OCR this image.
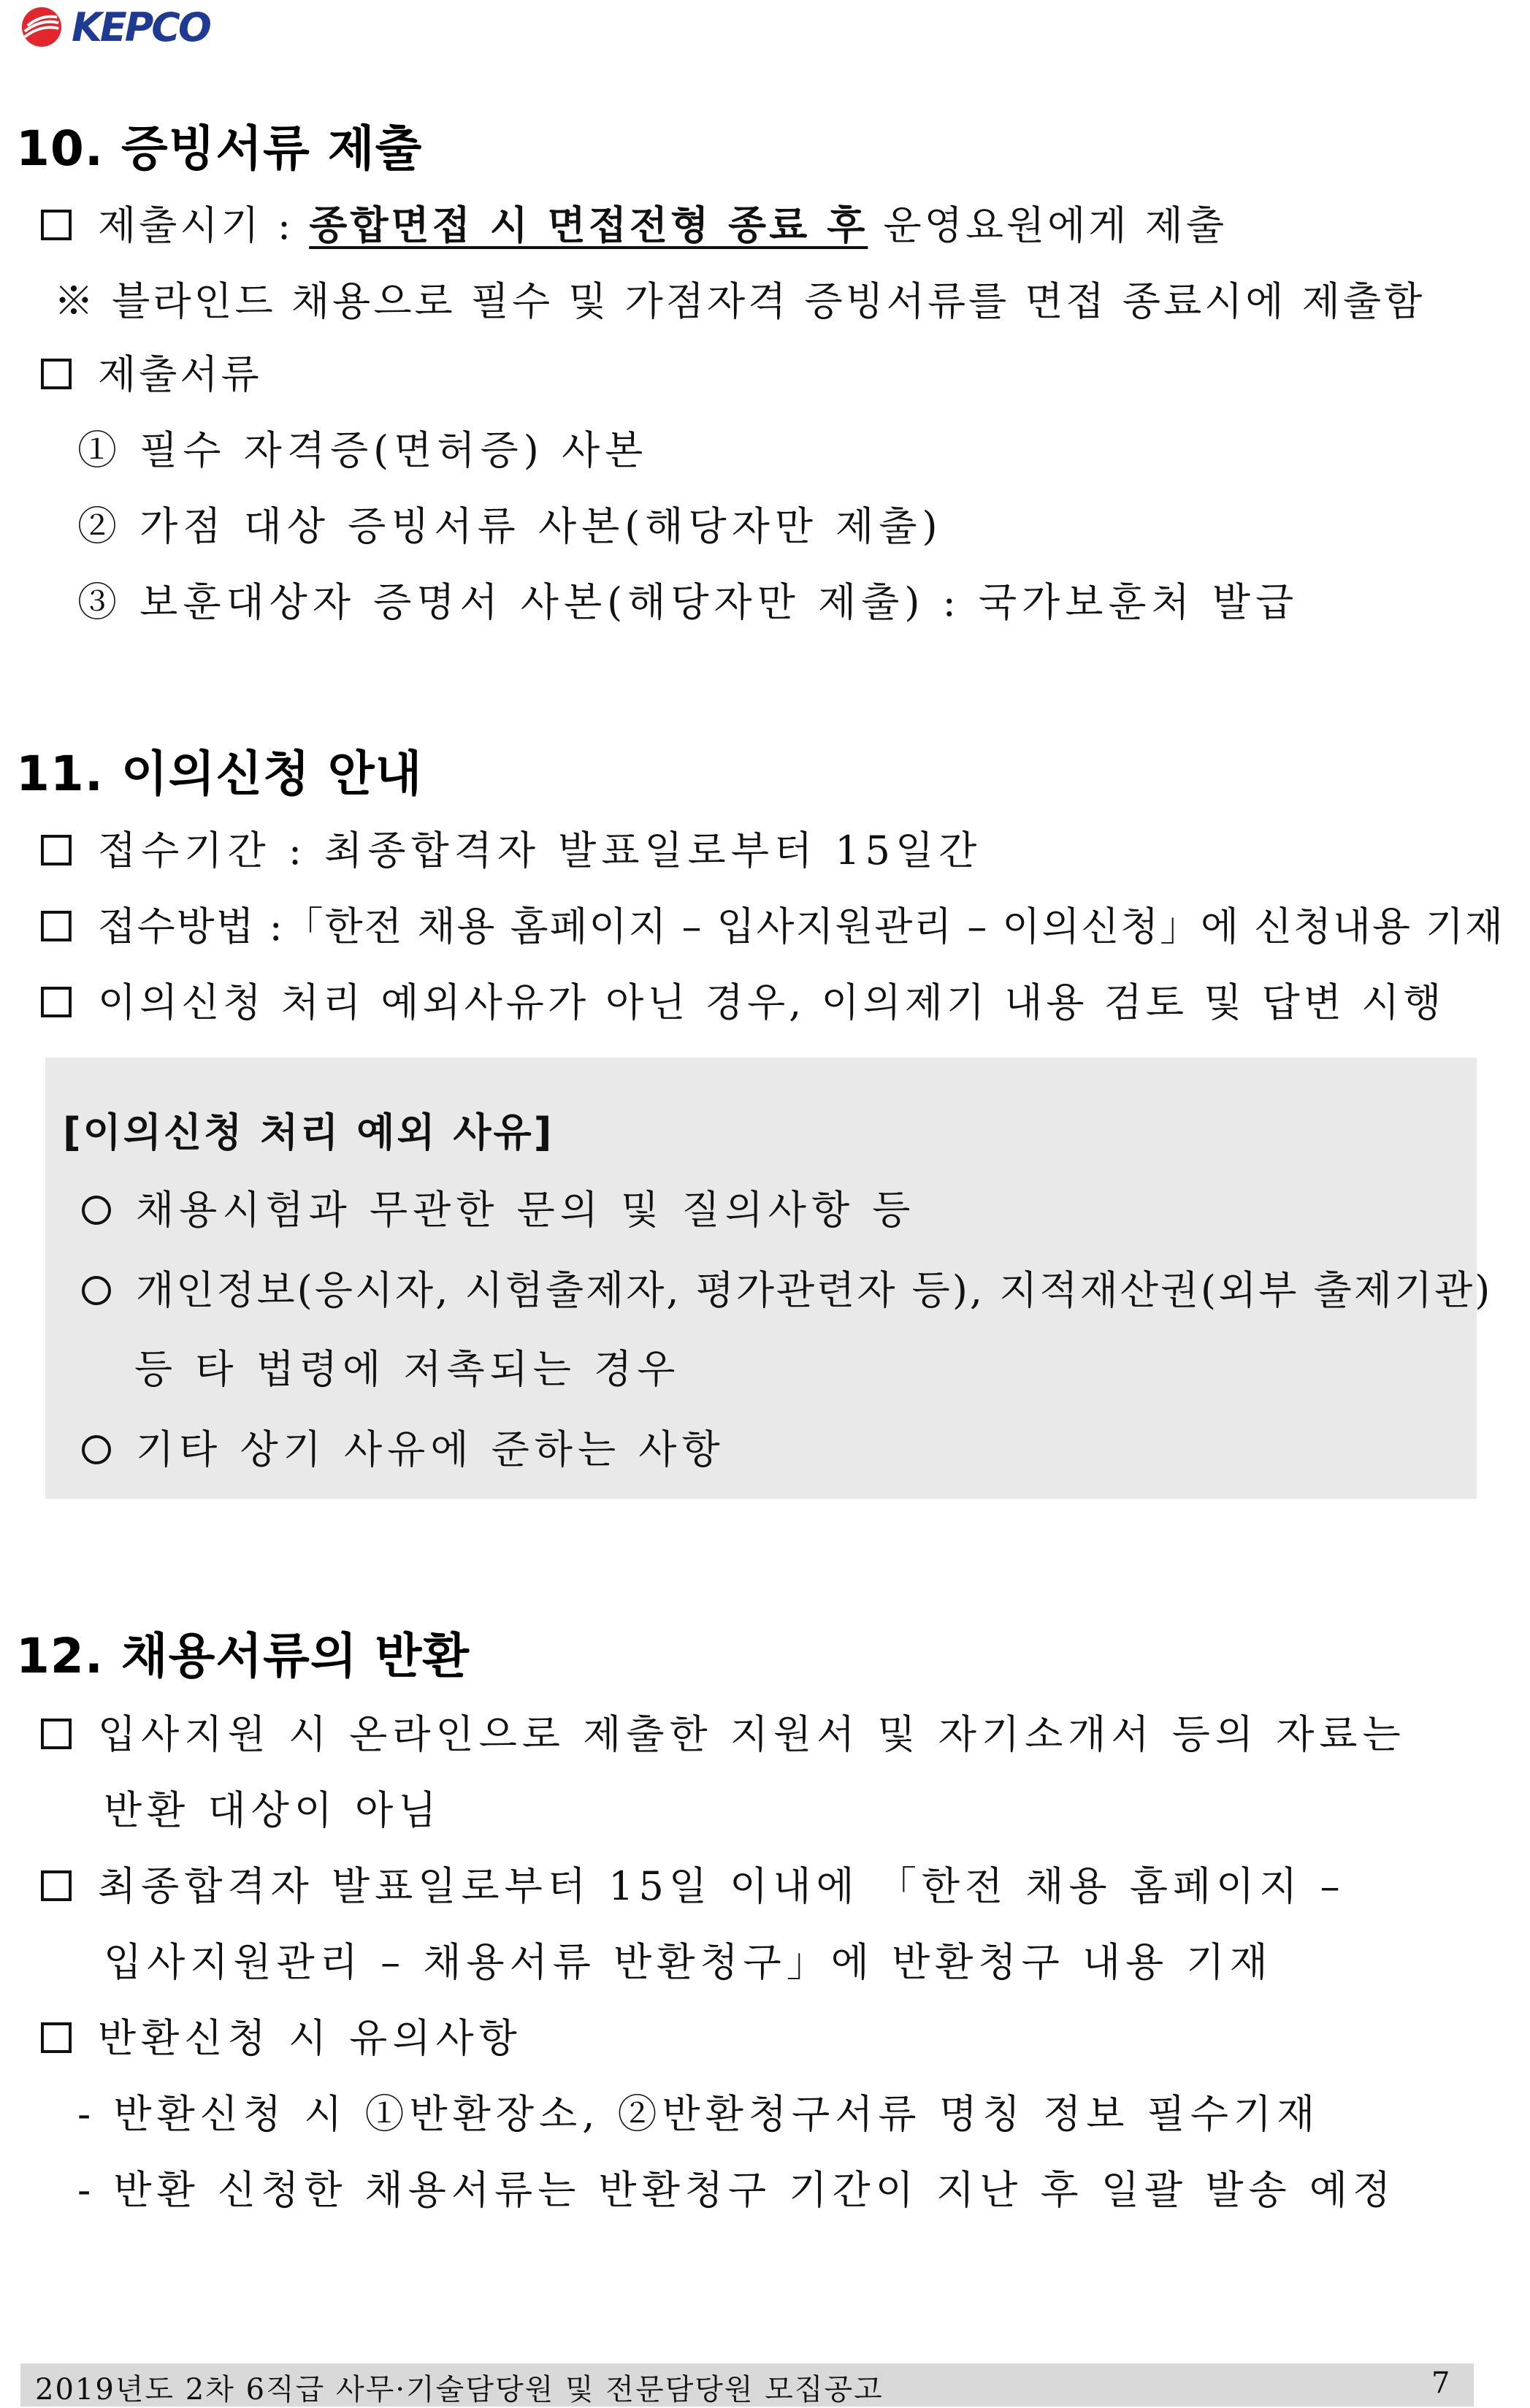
KEPCO
10. 증빙서류 제출
제출시기 : 종합면접 시 면접전형 종료 후 운영요원에게 제출
※ 블라인드 채용으로 필수 및 가점자격 증빙서류를 면접 종료시에 제출함
제출서류
① 필수 자격증(면허증) 사본
② 가점 대상 증빙서류 사본(해당자만 제출)
③ 보훈대상자 증명서 사본(해당자만 제출) : 국가보훈처 발급
11. 이의신청 안내
접수기간 : 최종합격자 발표일로부터 15일간
접수방법 :「한전 채용 홈페이지 – 입사지원관리 – 이의신청」에 신청내용 기재
이의신청 처리 예외사유가 아닌 경우, 이의제기 내용 검토 및 답변 시행
[이의신청 처리 예외 사유]
채용시험과 무관한 문의 및 질의사항 등
개인정보(응시자, 시험출제자, 평가관련자 등), 지적재산권(외부 출제기관)
등 타 법령에 저촉되는 경우
기타 상기 사유에 준하는 사항
12. 채용서류의 반환
입사지원 시 온라인으로 제출한 지원서 및 자기소개서 등의 자료는
반환 대상이 아님
최종합격자 발표일로부터 15일 이내에 「한전 채용 홈페이지 –
입사지원관리 – 채용서류 반환청구」에 반환청구 내용 기재
반환신청 시 유의사항
- 반환신청 시 ①반환장소, ②반환청구서류 명칭 정보 필수기재
- 반환 신청한 채용서류는 반환청구 기간이 지난 후 일괄 발송 예정
2019년도 2차 6직급 사무·기술담당원 및 전문담당원 모집공고	7
